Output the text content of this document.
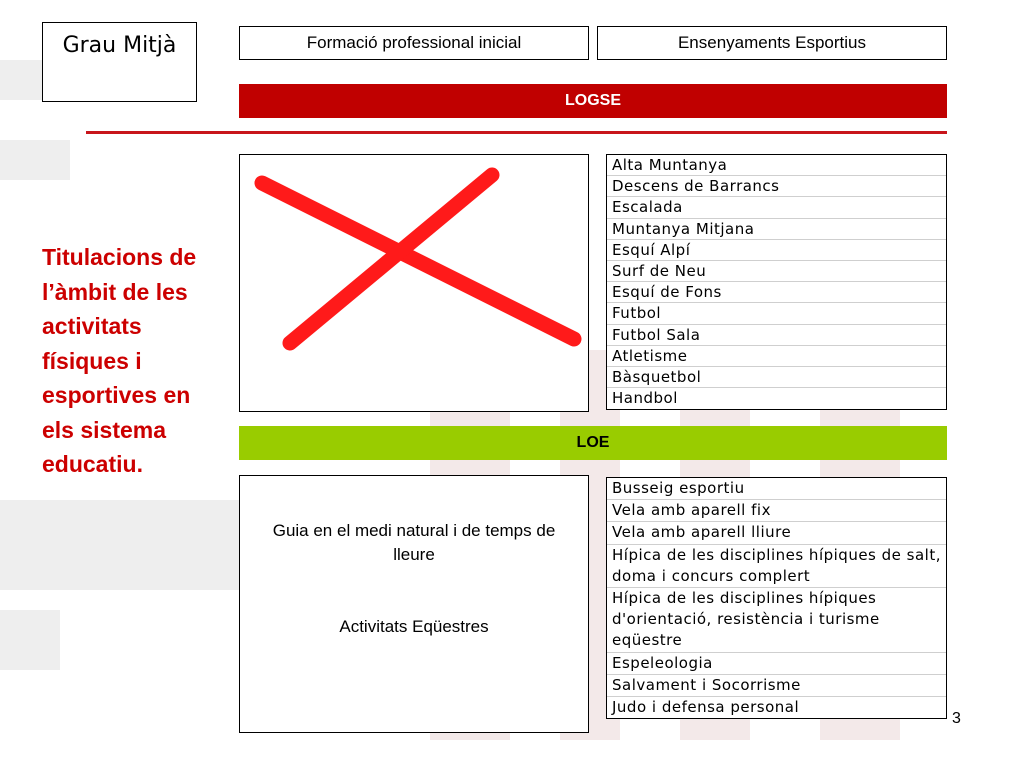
Grau Mitjà	Formació professional inicial	Ensenyaments Esportius
LOGSE
Titulacions de l’àmbit de les activitats físiques i esportives en els sistema educatiu.
Alta Muntanya
Descens de Barrancs
Escalada
Muntanya Mitjana
Esquí Alpí
Surf de Neu
Esquí de Fons
Futbol
Futbol Sala
Atletisme
Bàsquetbol
Handbol
LOE
Guia en el medi natural i de temps de lleure
Activitats Eqüestres
Busseig esportiu
Vela amb aparell fix
Vela amb aparell lliure
Hípica de les disciplines hípiques de salt, doma i concurs complert
Hípica de les disciplines hípiques d'orientació, resistència i turisme eqüestre
Espeleologia
Salvament i Socorrisme
Judo i defensa personal
3
